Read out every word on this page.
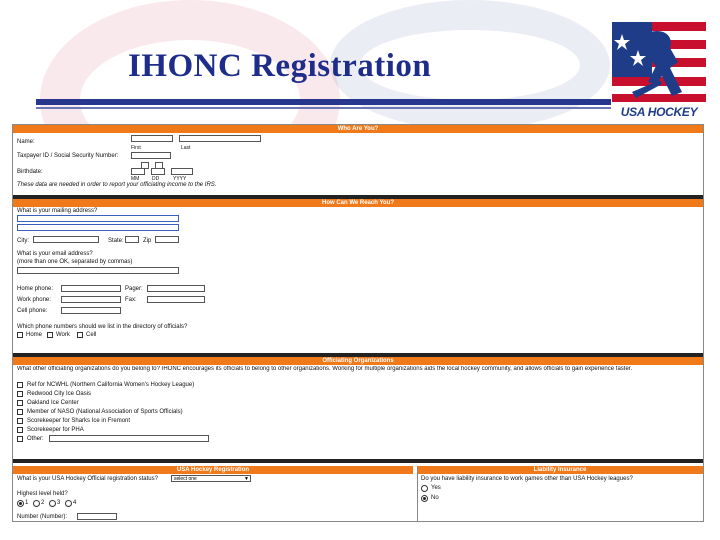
IHONC Registration
USA HOCKEY
Who Are You?
Name:
First	Last
Taxpayer ID / Social Security Number:
Birthdate:
MM	DD	YYYY
These data are needed in order to report your officiating income to the IRS.
How Can We Reach You?
What is your mailing address?
City:	State:	Zip
What is your email address?
(more than one OK, separated by commas)
Home phone:	Pager:
Work phone:	Fax:
Cell phone:
Which phone numbers should we list in the directory of officials?
Home Work	Cell
Officiating Organizations
What other officiating organizations do you belong to? IHONC encourages its officials to belong to other organizations. Working for multiple organizations aids the local hockey community, and allows officials to gain experience faster.
Ref for NCWHL (Northern California Women's Hockey League)
Redwood City Ice Oasis
Oakland Ice Center
Member of NASO (National Association of Sports Officials)
Scorekeeper for Sharks Ice in Fremont
Scorekeeper for PHA
Other:
USA Hockey Registration	Liability Insurance
What is your USA Hockey Official registration status?	select one	▼
Highest level held?
1 2 3 4
Number (Number):
Do you have liability insurance to work games other than USA Hockey leagues?
Yes
No
